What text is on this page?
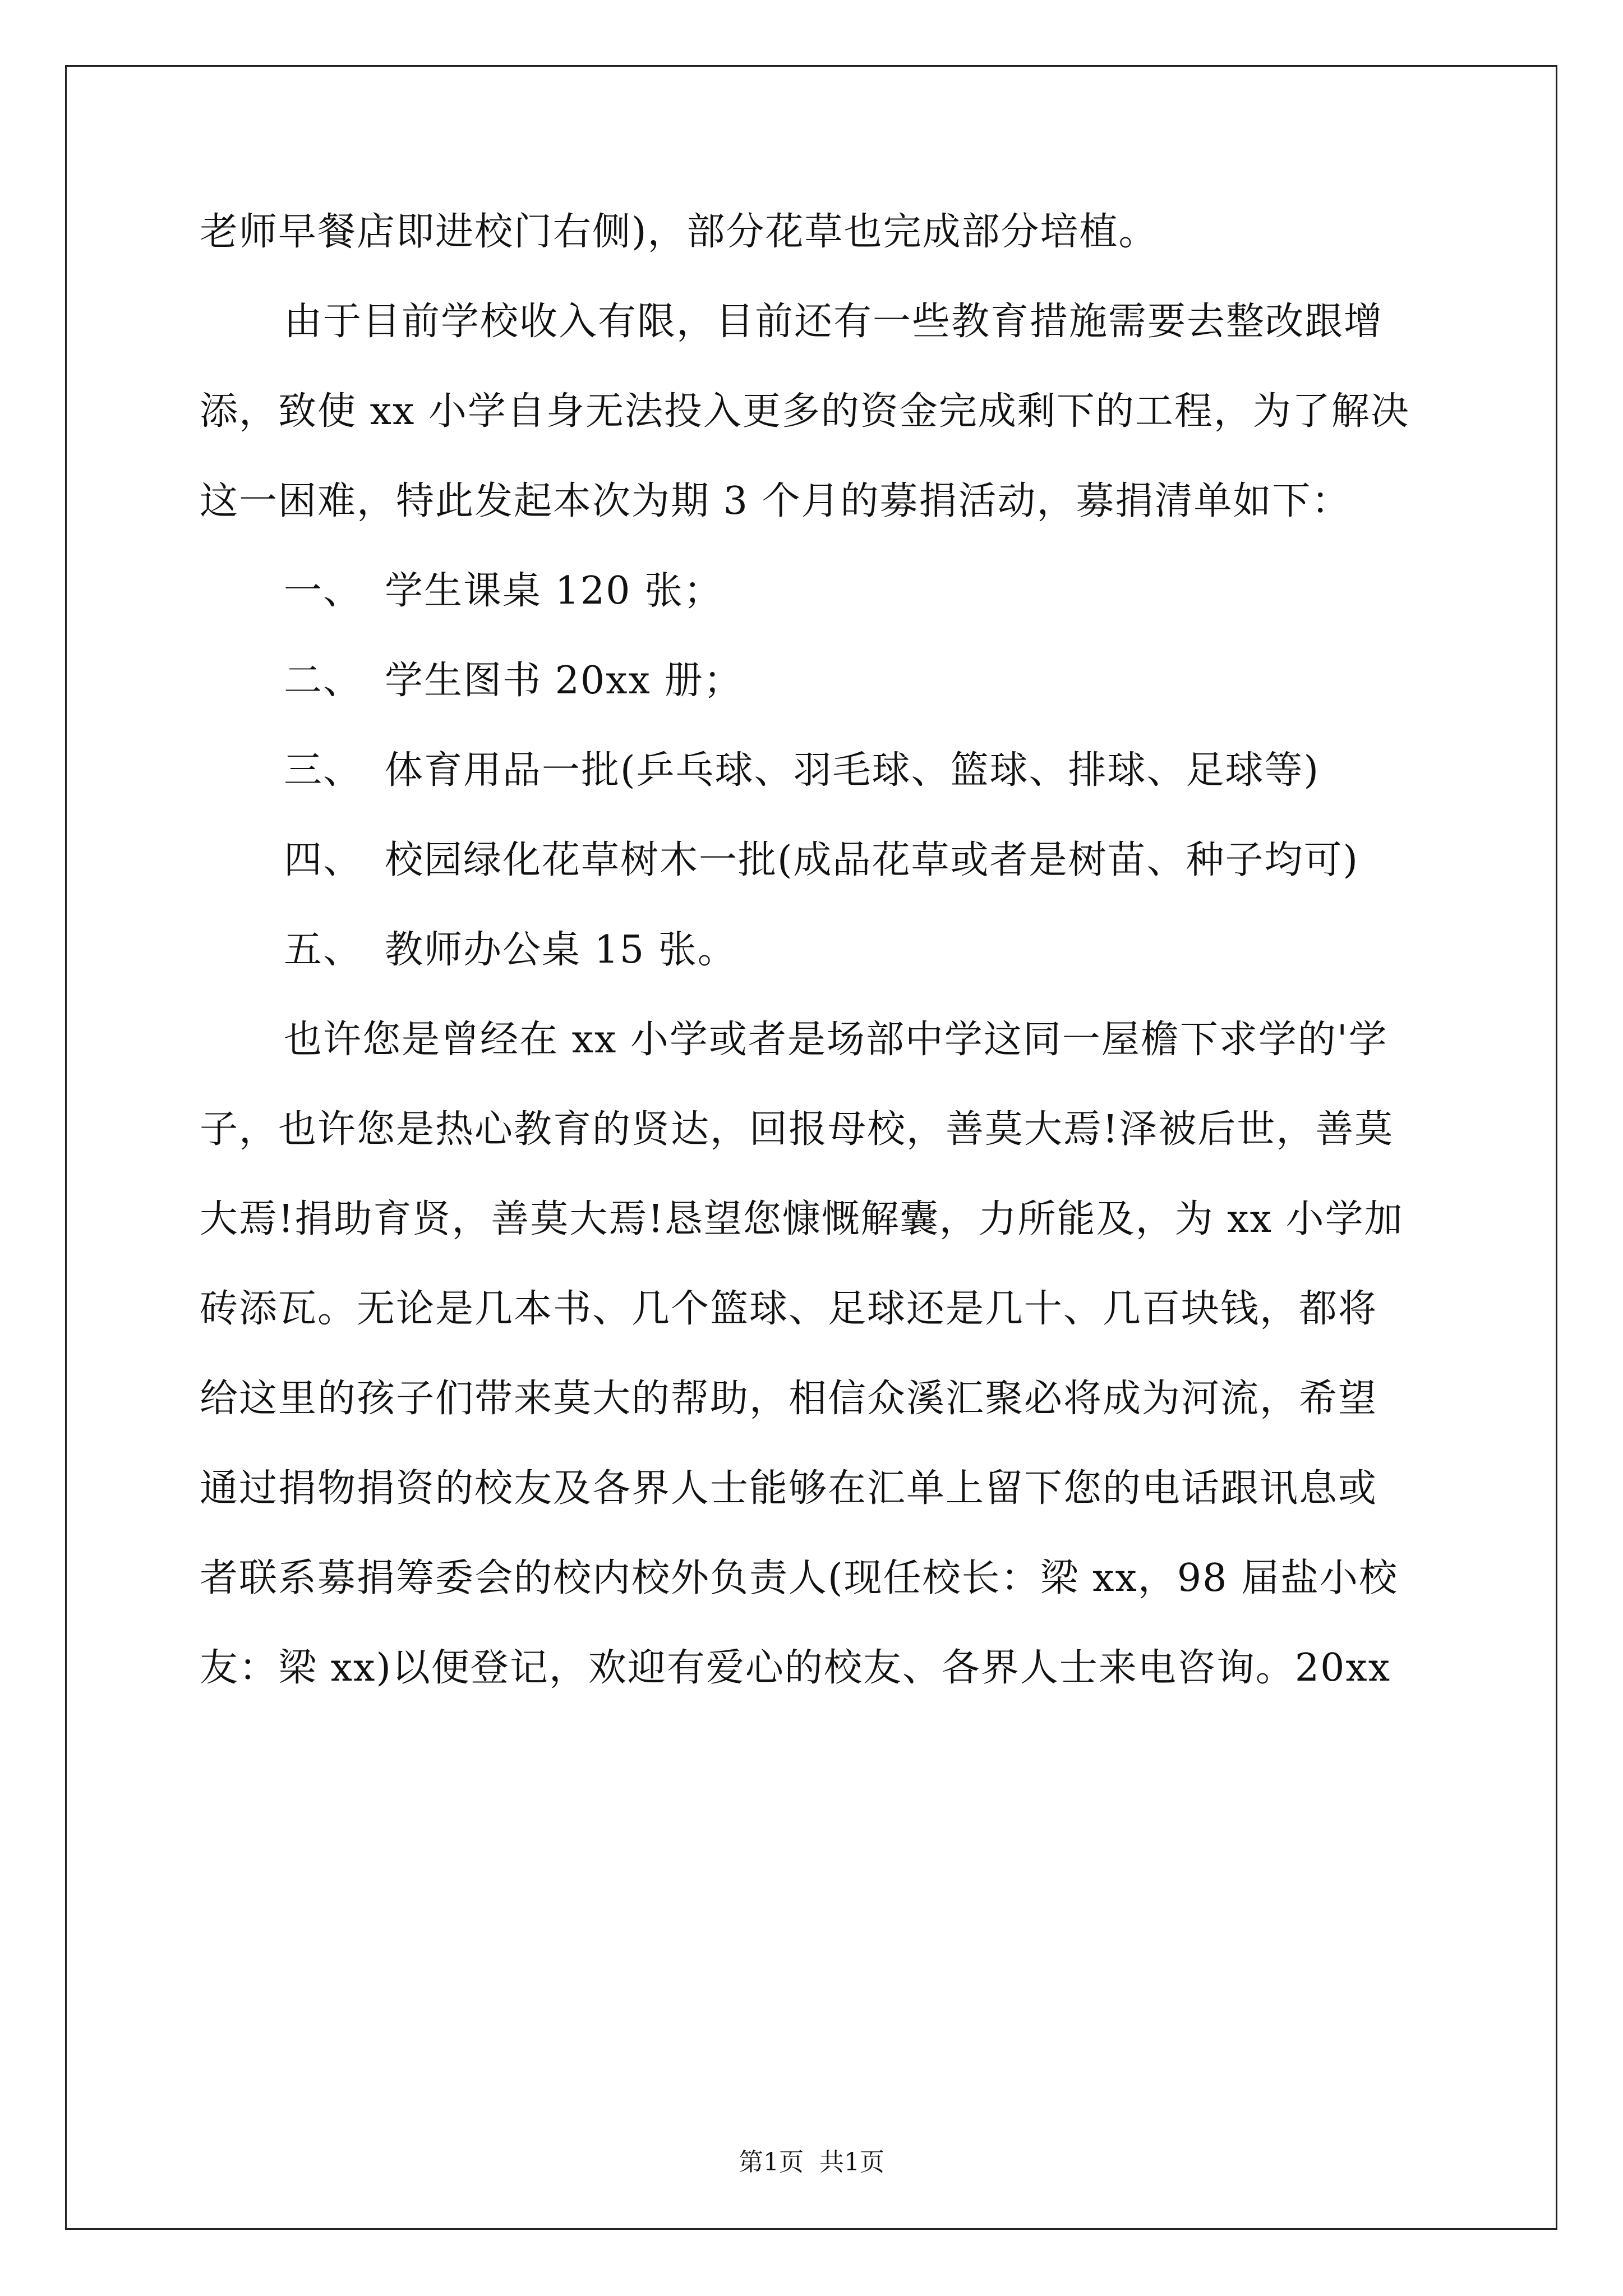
老师早餐店即进校门右侧)，部分花草也完成部分培植。
由于目前学校收入有限，目前还有一些教育措施需要去整改跟增
添，致使 xx 小学自身无法投入更多的资金完成剩下的工程，为了解决
这一困难，特此发起本次为期 3 个月的募捐活动，募捐清单如下：
一、 学生课桌 120 张；
二、 学生图书 20xx 册；
三、 体育用品一批(乒乓球、羽毛球、篮球、排球、足球等)
四、 校园绿化花草树木一批(成品花草或者是树苗、种子均可)
五、 教师办公桌 15 张。
也许您是曾经在 xx 小学或者是场部中学这同一屋檐下求学的'学
子，也许您是热心教育的贤达，回报母校，善莫大焉!泽被后世，善莫
大焉!捐助育贤，善莫大焉!恳望您慷慨解囊，力所能及，为 xx 小学加
砖添瓦。无论是几本书、几个篮球、足球还是几十、几百块钱，都将
给这里的孩子们带来莫大的帮助，相信众溪汇聚必将成为河流，希望
通过捐物捐资的校友及各界人士能够在汇单上留下您的电话跟讯息或
者联系募捐筹委会的校内校外负责人(现任校长：梁 xx，98 届盐小校
友：梁 xx)以便登记，欢迎有爱心的校友、各界人士来电咨询。20xx
第1页 共1页
